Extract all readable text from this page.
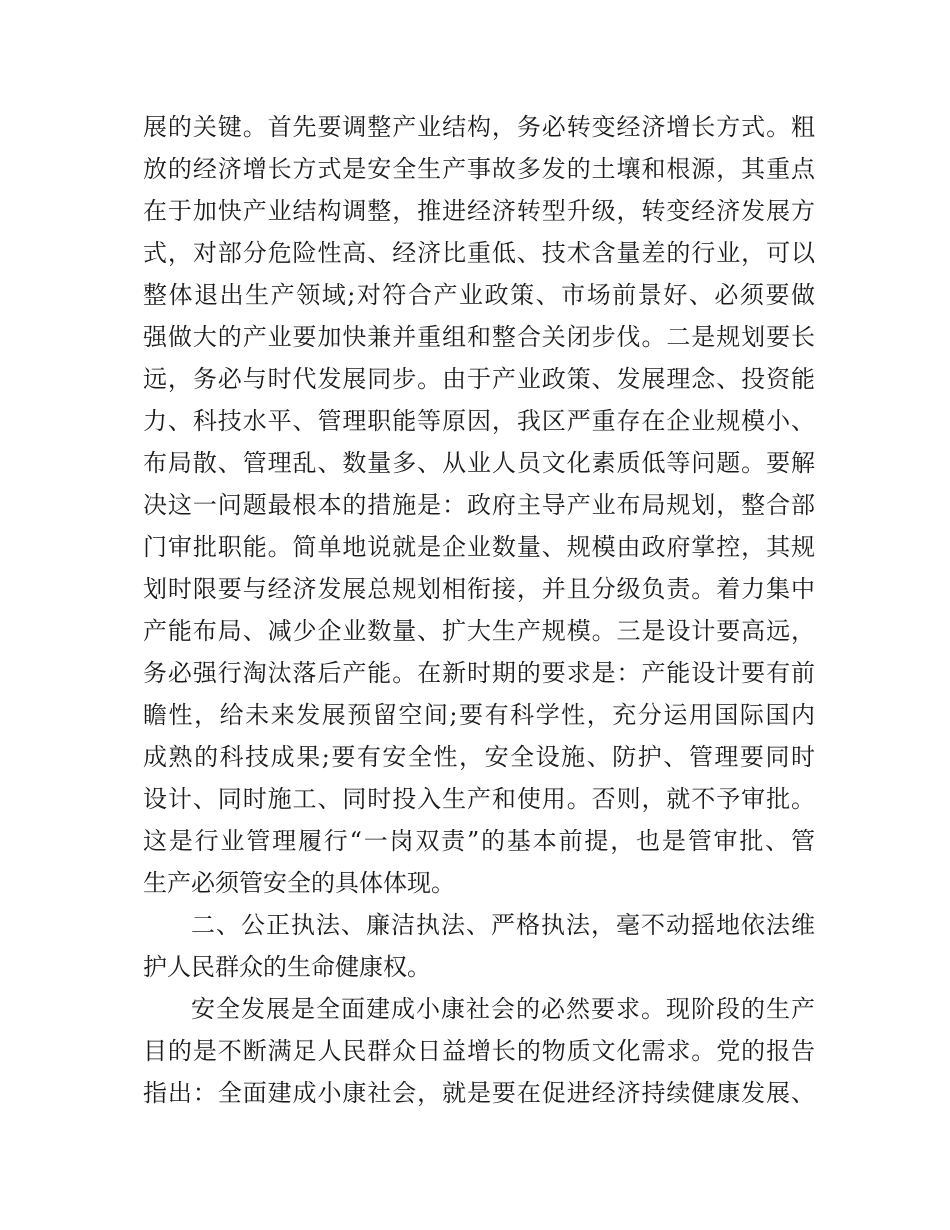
展的关键。首先要调整产业结构，务必转变经济增长方式。粗
放的经济增长方式是安全生产事故多发的土壤和根源，其重点
在于加快产业结构调整，推进经济转型升级，转变经济发展方
式，对部分危险性高、经济比重低、技术含量差的行业，可以
整体退出生产领域;对符合产业政策、市场前景好、必须要做
强做大的产业要加快兼并重组和整合关闭步伐。二是规划要长
远，务必与时代发展同步。由于产业政策、发展理念、投资能
力、科技水平、管理职能等原因，我区严重存在企业规模小、
布局散、管理乱、数量多、从业人员文化素质低等问题。要解
决这一问题最根本的措施是：政府主导产业布局规划，整合部
门审批职能。简单地说就是企业数量、规模由政府掌控，其规
划时限要与经济发展总规划相衔接，并且分级负责。着力集中
产能布局、减少企业数量、扩大生产规模。三是设计要高远，
务必强行淘汰落后产能。在新时期的要求是：产能设计要有前
瞻性，给未来发展预留空间;要有科学性，充分运用国际国内
成熟的科技成果;要有安全性，安全设施、防护、管理要同时
设计、同时施工、同时投入生产和使用。否则，就不予审批。
这是行业管理履行“一岗双责”的基本前提，也是管审批、管
生产必须管安全的具体体现。
二、公正执法、廉洁执法、严格执法，毫不动摇地依法维
护人民群众的生命健康权。
安全发展是全面建成小康社会的必然要求。现阶段的生产
目的是不断满足人民群众日益增长的物质文化需求。党的报告
指出：全面建成小康社会，就是要在促进经济持续健康发展、
